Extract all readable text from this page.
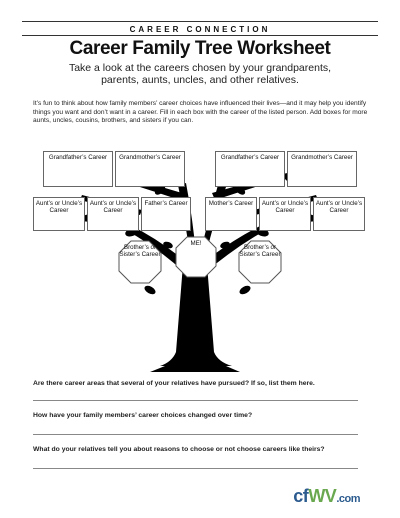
CAREER CONNECTION
Career Family Tree Worksheet
Take a look at the careers chosen by your grandparents, parents, aunts, uncles, and other relatives.
It’s fun to think about how family members’ career choices have influenced their lives—and it may help you identify things you want and don’t want in a career. Fill in each box with the career of the listed person. Add boxes for more aunts, uncles, cousins, brothers, and sisters if you can.
Grandfather’s Career	Grandmother’s Career	Grandfather’s Career	Grandmother’s Career
Aunt’s or Uncle’s Career
Aunt’s or Uncle’s Career
Father’s Career	Mother’s Career	Aunt’s or Uncle’s Career
Aunt’s or Uncle’s Career
Brother’s or Sister’s Career
ME!
Brother’s or Sister’s Career
Are there career areas that several of your relatives have pursued? If so, list them here.
How have your family members’ career choices changed over time?
What do your relatives tell you about reasons to choose or not choose careers like theirs?
cfWV.com
